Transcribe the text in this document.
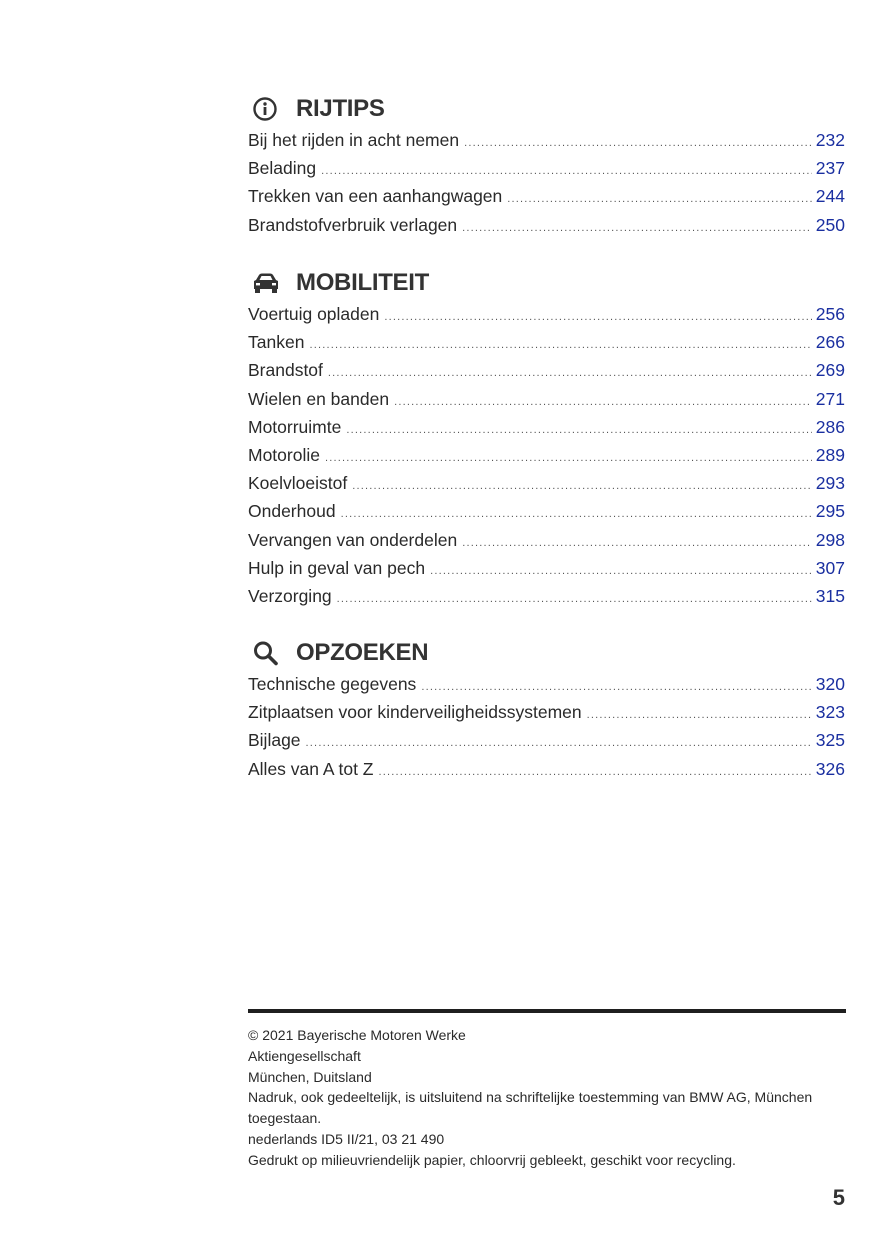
RIJTIPS
Bij het rijden in acht nemen .....	232
Belading .....	237
Trekken van een aanhangwagen .....	244
Brandstofverbruik verlagen .....	250
MOBILITEIT
Voertuig opladen .....	256
Tanken .....	266
Brandstof .....	269
Wielen en banden .....	271
Motorruimte .....	286
Motorolie .....	289
Koelvloeistof .....	293
Onderhoud .....	295
Vervangen van onderdelen .....	298
Hulp in geval van pech .....	307
Verzorging .....	315
OPZOEKEN
Technische gegevens .....	320
Zitplaatsen voor kinderveiligheidssystemen .....	323
Bijlage .....	325
Alles van A tot Z .....	326
© 2021 Bayerische Motoren Werke
Aktiengesellschaft
München, Duitsland
Nadruk, ook gedeeltelijk, is uitsluitend na schriftelijke toestemming van BMW AG, München toegestaan.
nederlands ID5 II/21, 03 21 490
Gedrukt op milieuvriendelijk papier, chloorvrij gebleekt, geschikt voor recycling.
5
